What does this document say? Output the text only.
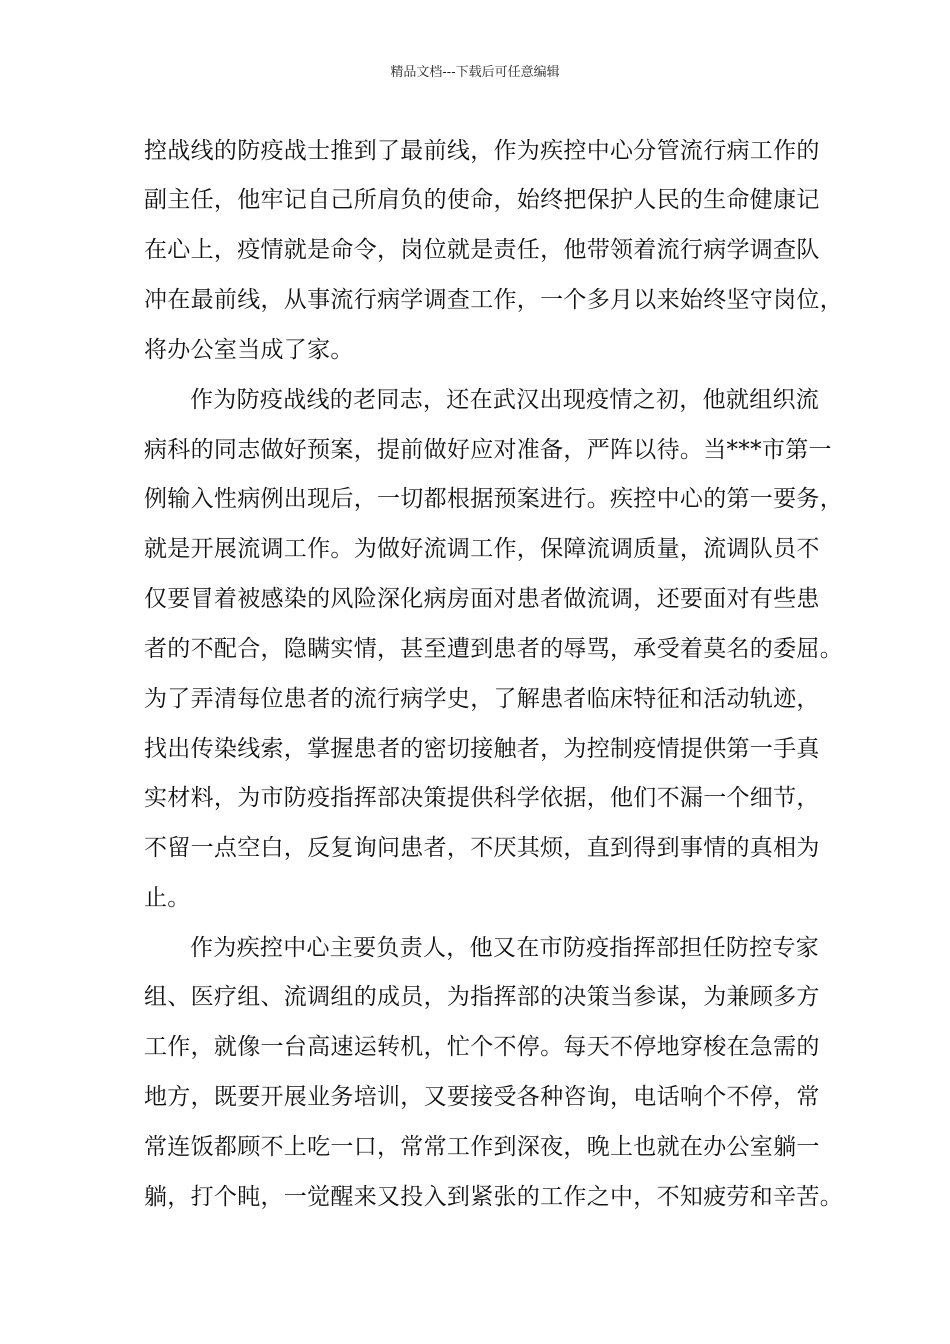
精品文档---下载后可任意编辑
控战线的防疫战士推到了最前线，作为疾控中心分管流行病工作的
副主任，他牢记自己所肩负的使命，始终把保护人民的生命健康记
在心上，疫情就是命令，岗位就是责任，他带领着流行病学调查队
冲在最前线，从事流行病学调查工作，一个多月以来始终坚守岗位，
将办公室当成了家。
作为防疫战线的老同志，还在武汉出现疫情之初，他就组织流
病科的同志做好预案，提前做好应对准备，严阵以待。当***市第一
例输入性病例出现后，一切都根据预案进行。疾控中心的第一要务，
就是开展流调工作。为做好流调工作，保障流调质量，流调队员不
仅要冒着被感染的风险深化病房面对患者做流调，还要面对有些患
者的不配合，隐瞒实情，甚至遭到患者的辱骂，承受着莫名的委屈。
为了弄清每位患者的流行病学史，了解患者临床特征和活动轨迹，
找出传染线索，掌握患者的密切接触者，为控制疫情提供第一手真
实材料，为市防疫指挥部决策提供科学依据，他们不漏一个细节，
不留一点空白，反复询问患者，不厌其烦，直到得到事情的真相为
止。
作为疾控中心主要负责人，他又在市防疫指挥部担任防控专家
组、医疗组、流调组的成员，为指挥部的决策当参谋，为兼顾多方
工作，就像一台高速运转机，忙个不停。每天不停地穿梭在急需的
地方，既要开展业务培训，又要接受各种咨询，电话响个不停，常
常连饭都顾不上吃一口，常常工作到深夜，晚上也就在办公室躺一
躺，打个盹，一觉醒来又投入到紧张的工作之中，不知疲劳和辛苦。
